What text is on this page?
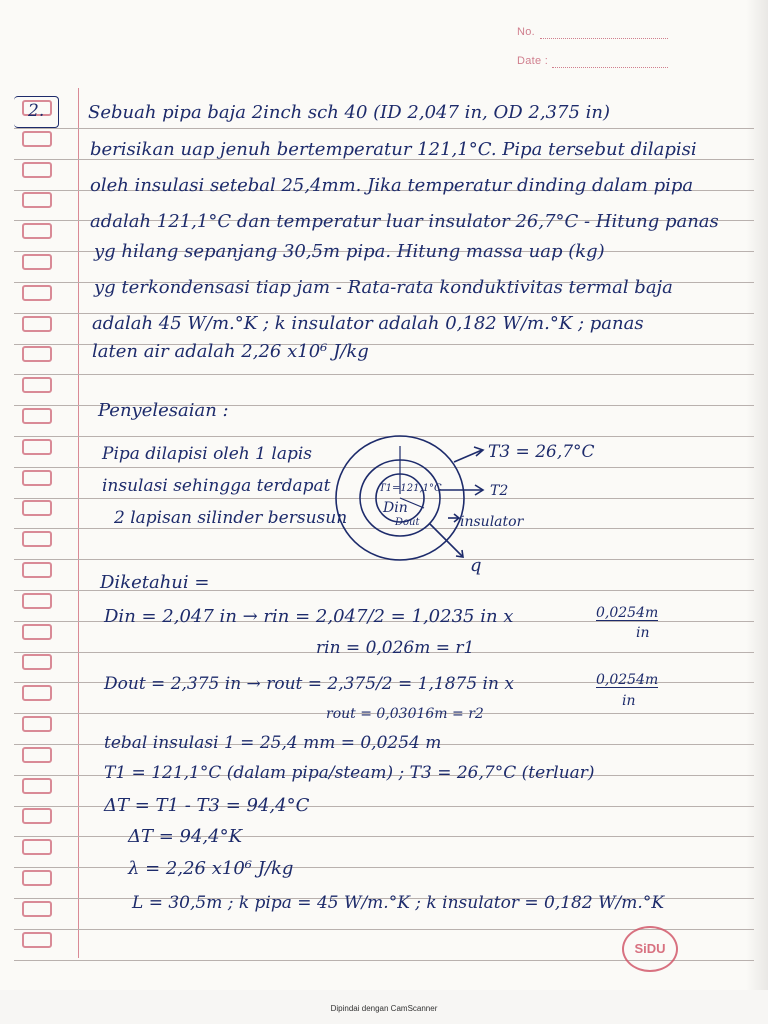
No.
Date :
2. Sebuah pipa baja 2inch sch 40 (ID 2,047 in, OD 2,375 in)
berisikan uap jenuh bertemperatur 121,1°C. Pipa tersebut dilapisi
oleh insulasi setebal 25,4mm. Jika temperatur dinding dalam pipa
adalah 121,1°C dan temperatur luar insulator 26,7°C - Hitung panas
yg hilang sepanjang 30,5m pipa. Hitung massa uap (kg)
yg terkondensasi tiap jam - Rata-rata konduktivitas termal baja
adalah 45 W/m.°K ; k insulator adalah 0,182 W/m.°K ; panas
laten air adalah 2,26 x10⁶ J/kg
Penyelesaian :
Pipa dilapisi oleh 1 lapis
insulasi sehingga terdapat
2 lapisan silinder bersusun
T3 = 26,7°C
T2
T1=121,1°C
Din
Dout	insulator
q
Diketahui =
Din = 2,047 in → rin = 2,047/2 = 1,0235 in x	0,0254m
in
rin = 0,026m = r1
Dout = 2,375 in → rout = 2,375/2 = 1,1875 in x	0,0254m
in
rout = 0,03016m = r2
tebal insulasi 1 = 25,4 mm = 0,0254 m
T1 = 121,1°C (dalam pipa/steam) ; T3 = 26,7°C (terluar)
ΔT = T1 - T3 = 94,4°C
ΔT = 94,4°K
λ = 2,26 x10⁶ J/kg
L = 30,5m ; k pipa = 45 W/m.°K ; k insulator = 0,182 W/m.°K
SiDU
Dipindai dengan CamScanner
